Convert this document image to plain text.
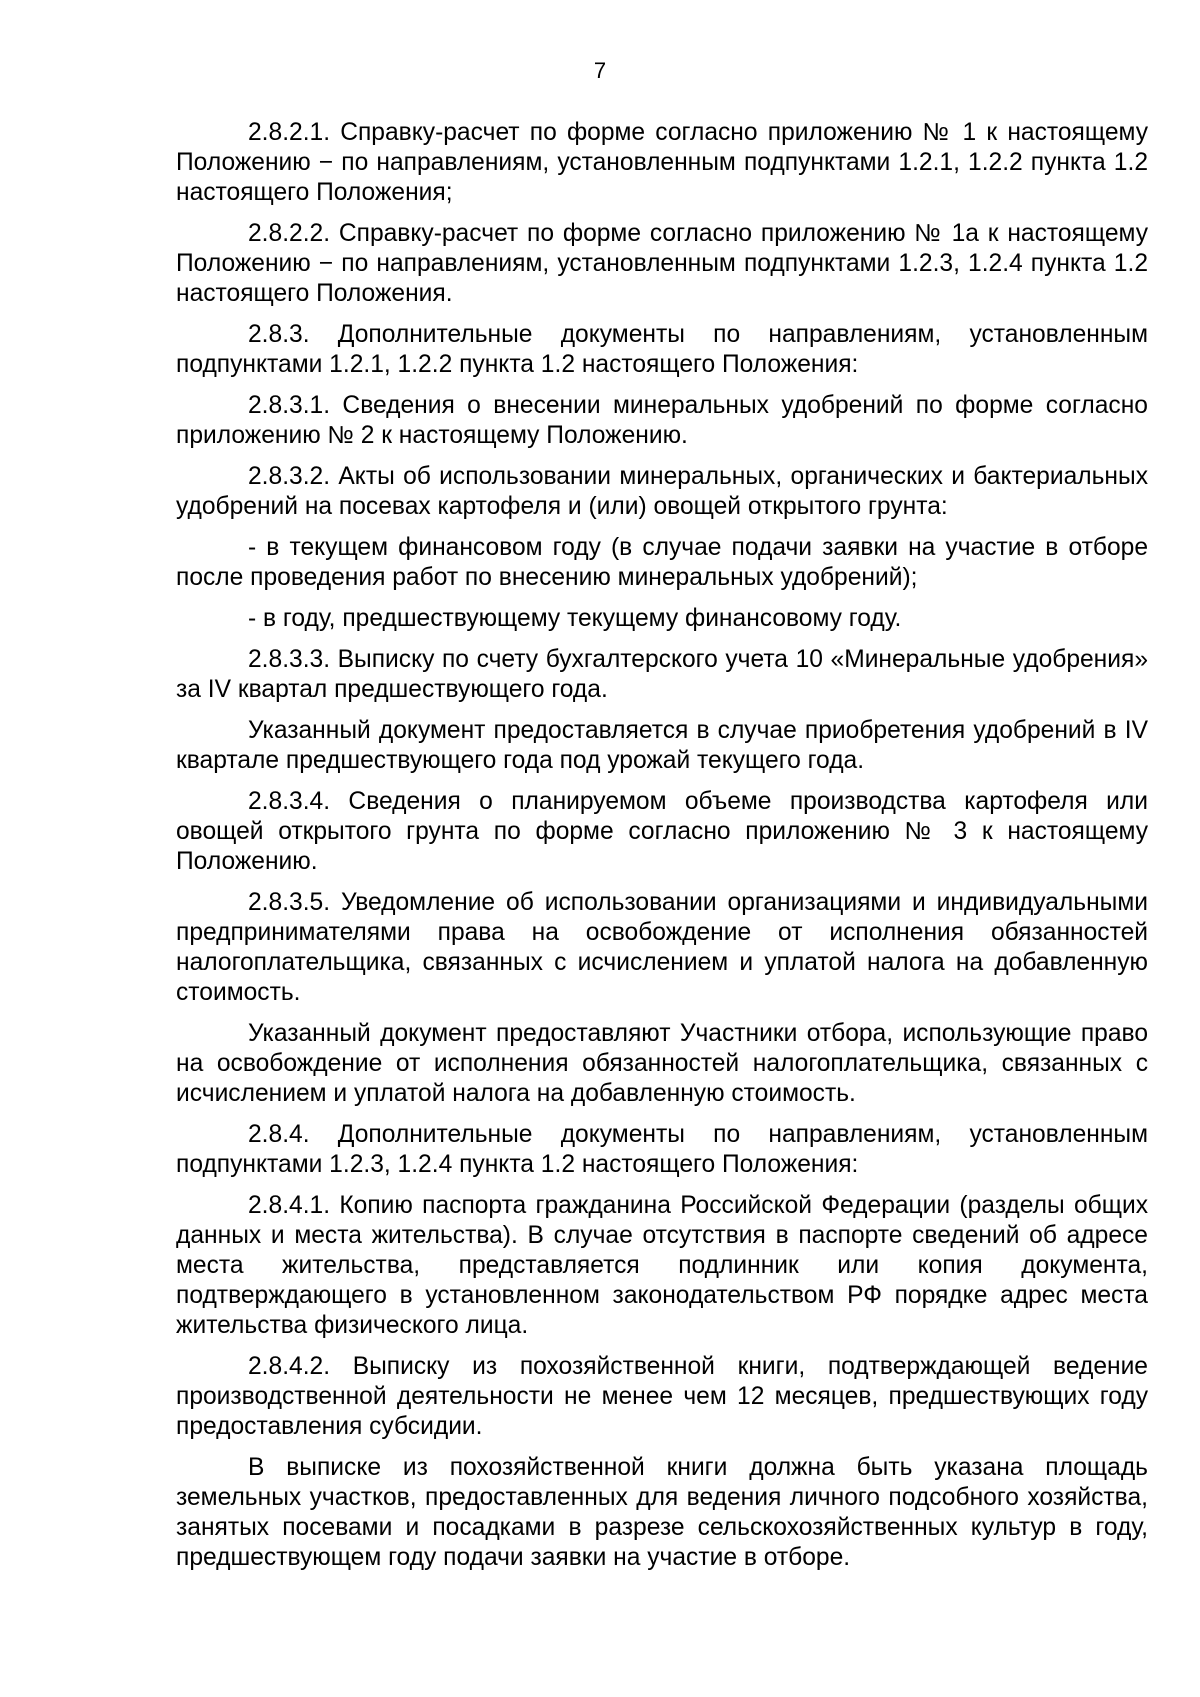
7

2.8.2.1. Справку-расчет по форме согласно приложению № 1 к настоящему Положению − по направлениям, установленным подпунктами 1.2.1, 1.2.2 пункта 1.2 настоящего Положения;

2.8.2.2. Справку-расчет по форме согласно приложению № 1а к настоящему Положению − по направлениям, установленным подпунктами 1.2.3, 1.2.4 пункта 1.2 настоящего Положения.

2.8.3. Дополнительные документы по направлениям, установленным подпунктами 1.2.1, 1.2.2 пункта 1.2 настоящего Положения:

2.8.3.1. Сведения о внесении минеральных удобрений по форме согласно приложению № 2 к настоящему Положению.

2.8.3.2. Акты об использовании минеральных, органических и бактериальных удобрений на посевах картофеля и (или) овощей открытого грунта:

- в текущем финансовом году (в случае подачи заявки на участие в отборе после проведения работ по внесению минеральных удобрений);

- в году, предшествующему текущему финансовому году.

2.8.3.3. Выписку по счету бухгалтерского учета 10 «Минеральные удобрения» за IV квартал предшествующего года.

Указанный документ предоставляется в случае приобретения удобрений в IV квартале предшествующего года под урожай текущего года.

2.8.3.4. Сведения о планируемом объеме производства картофеля или овощей открытого грунта по форме согласно приложению № 3 к настоящему Положению.

2.8.3.5. Уведомление об использовании организациями и индивидуальными предпринимателями права на освобождение от исполнения обязанностей налогоплательщика, связанных с исчислением и уплатой налога на добавленную стоимость.

Указанный документ предоставляют Участники отбора, использующие право на освобождение от исполнения обязанностей налогоплательщика, связанных с исчислением и уплатой налога на добавленную стоимость.

2.8.4. Дополнительные документы по направлениям, установленным подпунктами 1.2.3, 1.2.4 пункта 1.2 настоящего Положения:

2.8.4.1. Копию паспорта гражданина Российской Федерации (разделы общих данных и места жительства). В случае отсутствия в паспорте сведений об адресе места жительства, представляется подлинник или копия документа, подтверждающего в установленном законодательством РФ порядке адрес места жительства физического лица.

2.8.4.2. Выписку из похозяйственной книги, подтверждающей ведение производственной деятельности не менее чем 12 месяцев, предшествующих году предоставления субсидии.

В выписке из похозяйственной книги должна быть указана площадь земельных участков, предоставленных для ведения личного подсобного хозяйства, занятых посевами и посадками в разрезе сельскохозяйственных культур в году, предшествующем году подачи заявки на участие в отборе.
